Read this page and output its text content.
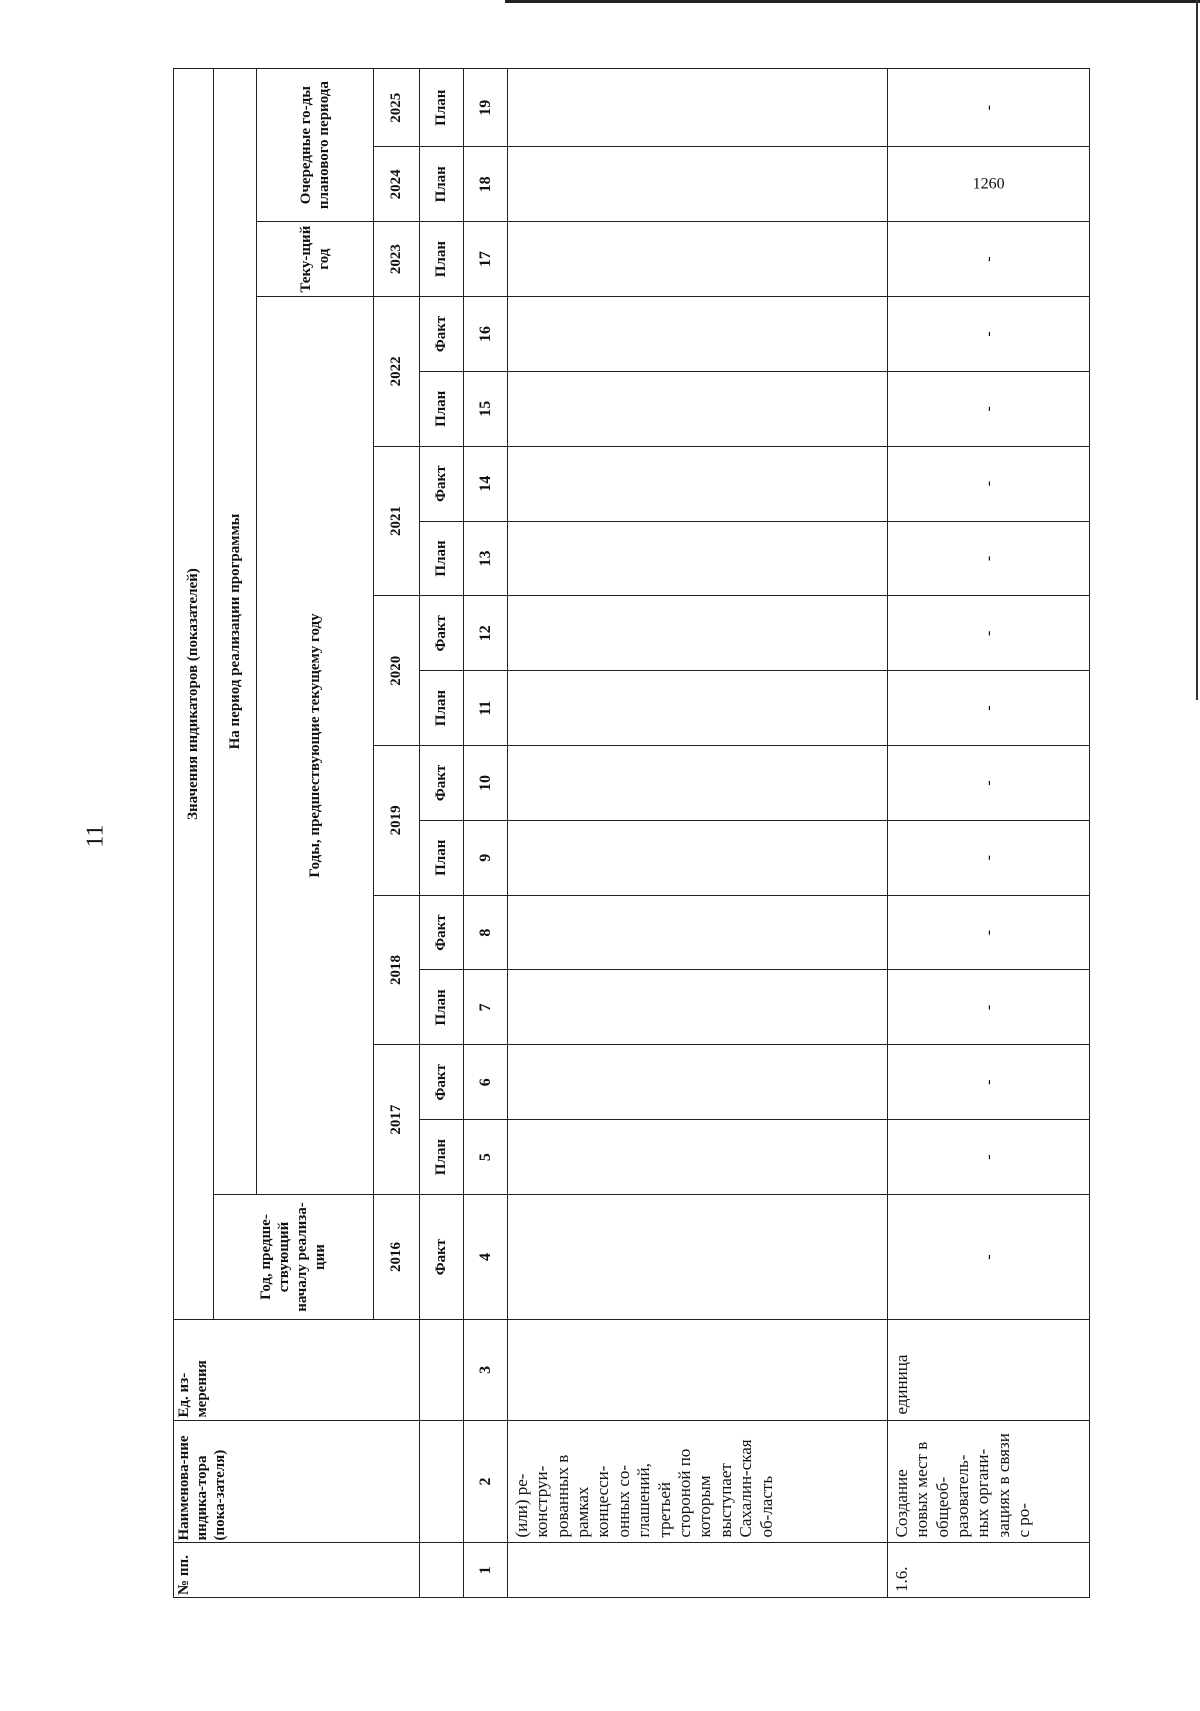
11
№ пп.	Наименова-ние индика-тора (пока-зателя)	Ед. из-мерения	Значения индикаторов (показателей)															
			Год, предше-ствующий началу реализа-ции	На период реализации программы														
				Годы, предшествующие текущему году												Теку-щий год	Очередные го-ды планового периода	
			2016	2017		2018		2019		2020		2021		2022		2023	2024	2025
			Факт	План	Факт	План	Факт	План	Факт	План	Факт	План	Факт	План	Факт	План	План	План
1	2	3	4	5	6	7	8	9	10	11	12	13	14	15	16	17	18	19
	(или) ре-конструи-рованных в рамках концесси-онных со-глашений, третьей стороной по которым выступает Сахалин-ская об-ласть																	
1.6.	Создание новых мест в общеоб-разователь-ных органи-зациях в связи с ро-	единица	-	-	-	-	-	-	-	-	-	-	-	-	-	-	1260	-
